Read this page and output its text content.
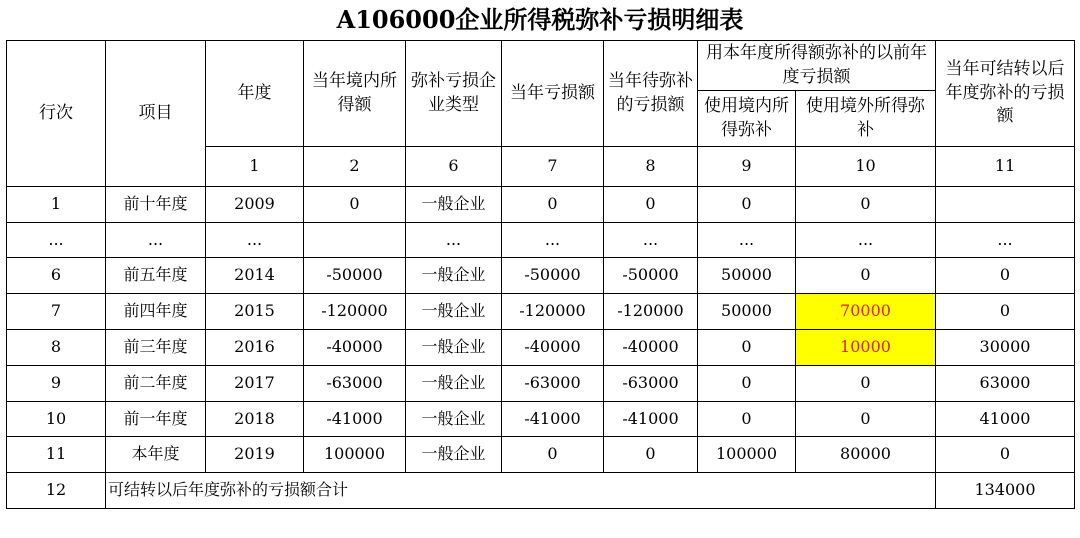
A106000企业所得税弥补亏损明细表
行次	项目	年度	当年境内所得额	弥补亏损企业类型	当年亏损额	当年待弥补的亏损额	用本年度所得额弥补的以前年度亏损额		当年可结转以后年度弥补的亏损额
							使用境内所得弥补	使用境外所得弥补	
		1	2	6	7	8	9	10	11
1	前十年度	2009	0	一般企业	0	0	0	0	
...	...	...		...	...	...	...	...	...
6	前五年度	2014	-50000	一般企业	-50000	-50000	50000	0	0
7	前四年度	2015	-120000	一般企业	-120000	-120000	50000	70000	0
8	前三年度	2016	-40000	一般企业	-40000	-40000	0	10000	30000
9	前二年度	2017	-63000	一般企业	-63000	-63000	0	0	63000
10	前一年度	2018	-41000	一般企业	-41000	-41000	0	0	41000
11	本年度	2019	100000	一般企业	0	0	100000	80000	0
12	可结转以后年度弥补的亏损额合计								134000
